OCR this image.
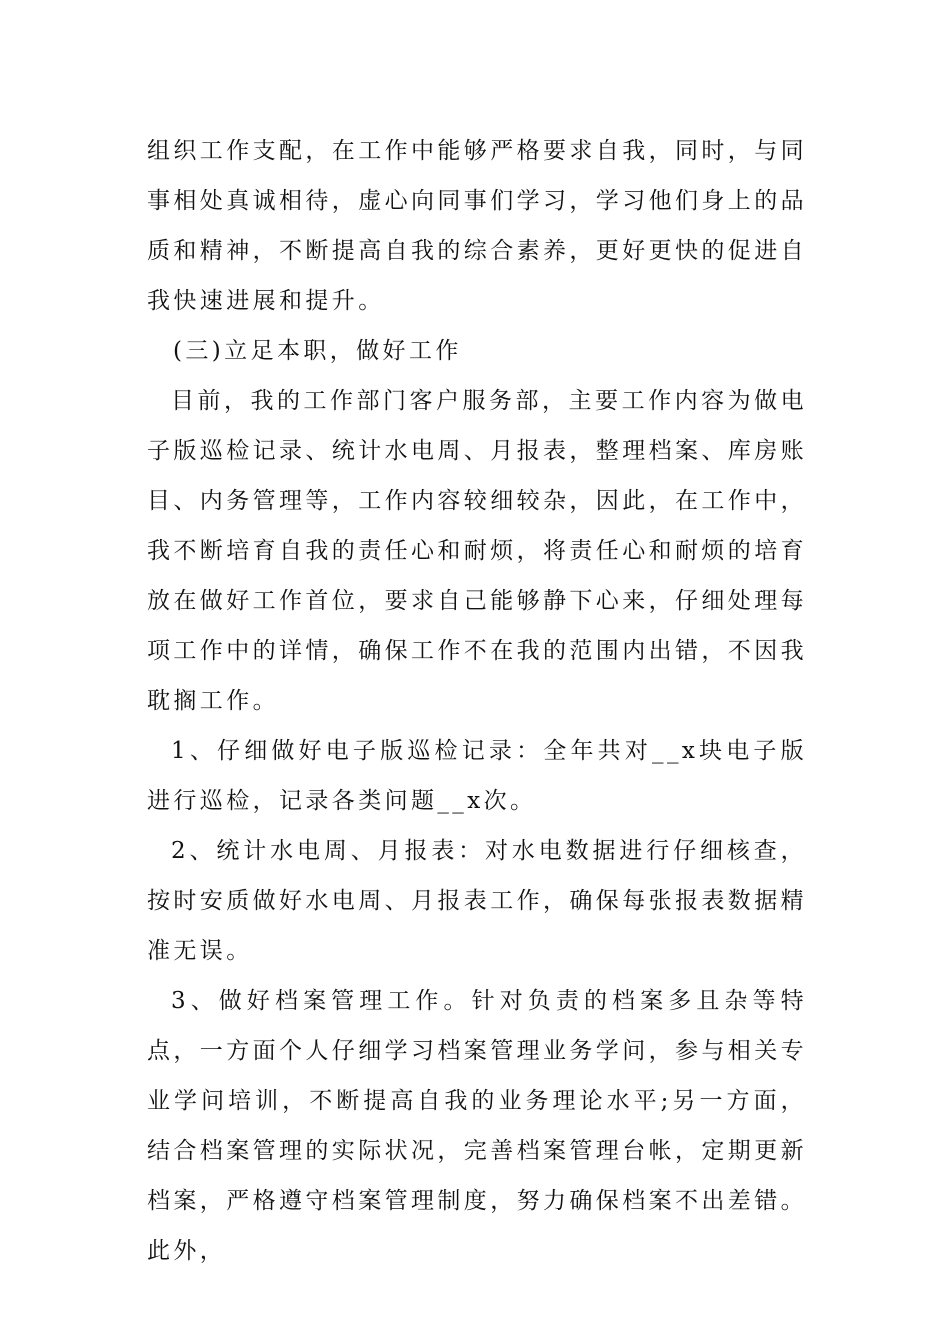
组织工作支配，在工作中能够严格要求自我，同时，与同事相处真诚相待，虚心向同事们学习，学习他们身上的品质和精神，不断提高自我的综合素养，更好更快的促进自我快速进展和提升。

(三)立足本职，做好工作

目前，我的工作部门客户服务部，主要工作内容为做电子版巡检记录、统计水电周、月报表，整理档案、库房账目、内务管理等，工作内容较细较杂，因此，在工作中，我不断培育自我的责任心和耐烦，将责任心和耐烦的培育放在做好工作首位，要求自己能够静下心来，仔细处理每项工作中的详情，确保工作不在我的范围内出错，不因我耽搁工作。

1、仔细做好电子版巡检记录：全年共对__x块电子版进行巡检，记录各类问题__x次。

2、统计水电周、月报表：对水电数据进行仔细核查，按时安质做好水电周、月报表工作，确保每张报表数据精准无误。

3、做好档案管理工作。针对负责的档案多且杂等特点，一方面个人仔细学习档案管理业务学问，参与相关专业学问培训，不断提高自我的业务理论水平;另一方面，结合档案管理的实际状况，完善档案管理台帐，定期更新档案，严格遵守档案管理制度，努力确保档案不出差错。此外，
